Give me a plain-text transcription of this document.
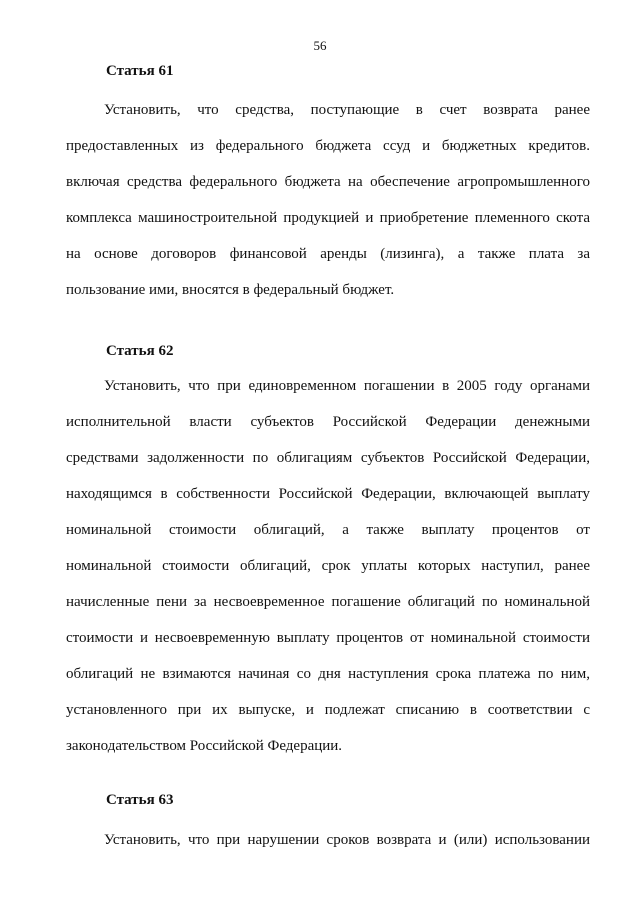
56
Статья 61
Установить, что средства, поступающие в счет возврата ранее
предоставленных из федерального бюджета ссуд и бюджетных кредитов.
включая средства федерального бюджета на обеспечение агропромышленного
комплекса машиностроительной продукцией и приобретение племенного скота
на основе договоров финансовой аренды (лизинга), а также плата за
пользование ими, вносятся в федеральный бюджет.
Статья 62
Установить, что при единовременном погашении в 2005 году органами
исполнительной власти субъектов Российской Федерации денежными
средствами задолженности по облигациям субъектов Российской Федерации,
находящимся в собственности Российской Федерации, включающей выплату
номинальной стоимости облигаций, а также выплату процентов от
номинальной стоимости облигаций, срок уплаты которых наступил, ранее
начисленные пени за несвоевременное погашение облигаций по номинальной
стоимости и несвоевременную выплату процентов от номинальной стоимости
облигаций не взимаются начиная со дня наступления срока платежа по ним,
установленного при их выпуске, и подлежат списанию в соответствии с
законодательством Российской Федерации.
Статья 63
Установить, что при нарушении сроков возврата и (или) использовании
